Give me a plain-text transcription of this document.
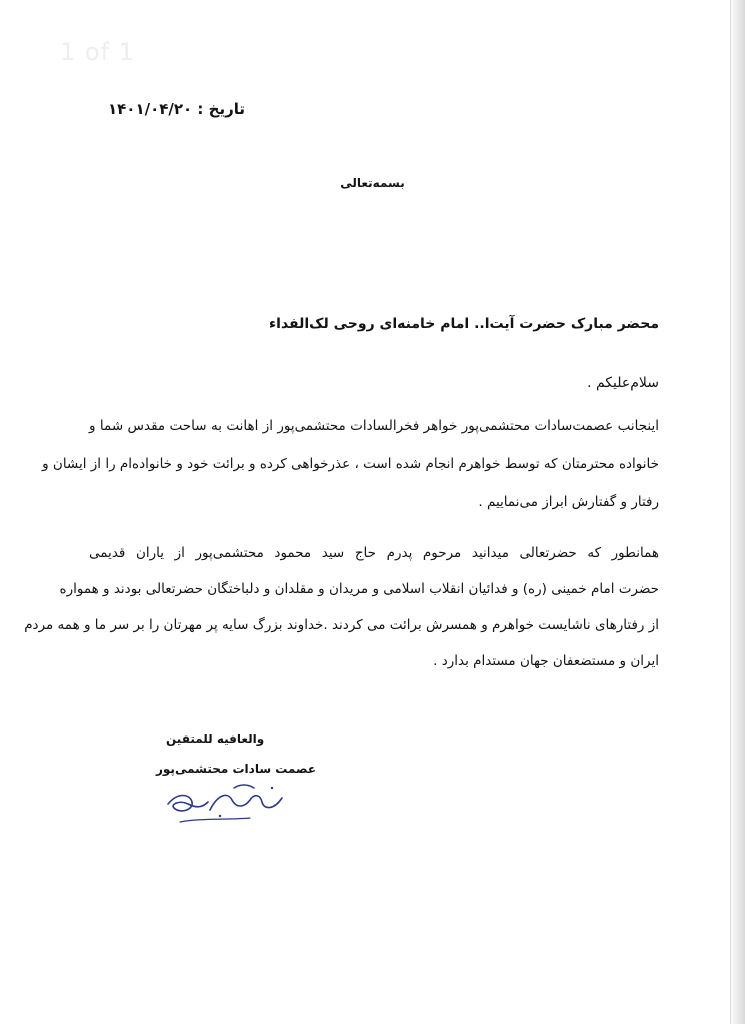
1 of 1
تاریخ : ۱۴۰۱/۰۴/۲۰
بسمه‌تعالی
محضر مبارک حضرت آیت‌ا.. امام خامنه‌ای روحی لک‌الفداء
سلام‌علیکم .
اینجانب عصمت‌سادات محتشمی‌پور خواهر فخرالسادات محتشمی‌پور از اهانت به ساحت مقدس شما و
خانواده محترمتان که توسط خواهرم انجام شده است ، عذرخواهی کرده و برائت خود و خانواده‌ام را از ایشان و
رفتار و گفتارش ابراز می‌نماییم .
همانطور که حضرتعالی میدانید مرحوم پدرم حاج سید محمود محتشمی‌پور از یاران قدیمی
حضرت امام خمینی (ره) و فدائیان انقلاب اسلامی و مریدان و مقلدان و دلباختگان حضرتعالی بودند و همواره
از رفتارهای ناشایست خواهرم و همسرش برائت می کردند .خداوند بزرگ سایه پر مهرتان را بر سر ما و همه مردم
ایران و مستضعفان جهان مستدام بدارد .
والعافیه للمتقین
عصمت سادات محتشمی‌پور
